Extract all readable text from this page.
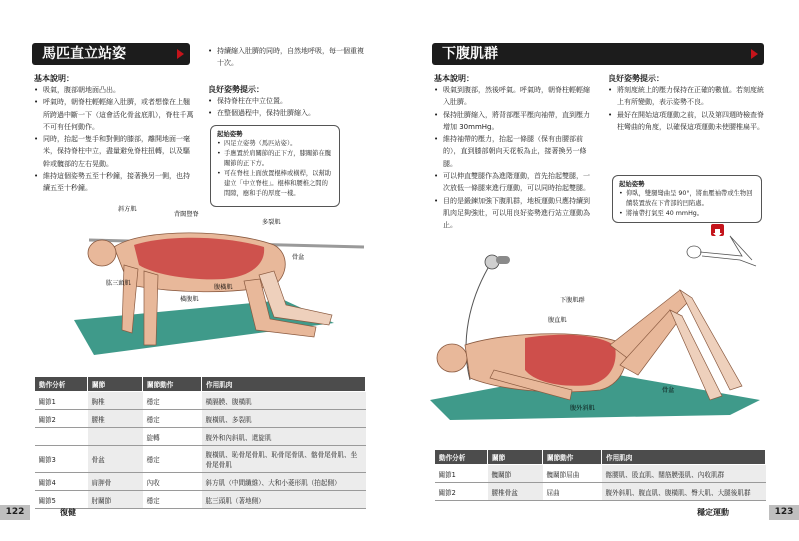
馬匹直立站姿
基本說明：
• 吸氣，腹部朝地面凸出。
• 呼氣時，朝脊柱輕輕縮入肚臍，或者想像在上翹所跨過中斷一下（這會活化骨盆底肌），脊柱千萬不可有任何動作。
• 同時，抬起一隻手和對側的膝部，離開地面一毫米，保持脊柱中立，盡量避免脊柱扭轉，以及驅幹或髖部的左右晃動。
• 維持這個姿勢五至十秒鐘，接著換另一側，也持續五至十秒鐘。
• 持續縮入肚臍的同時，自然地呼吸，每一個重複十次。
良好姿勢提示：
• 保持脊柱在中立位置。
• 在整個過程中，保持肚臍縮入。
起始姿勢
• 四足立姿勢（馬匹站姿）。
• 手應置於肩關節的正下方，膝關節在髖關節的正下方。
• 可在脊柱上面放置棍棒或橫桿，以幫助建立「中立脊柱」。棍棒和腰椎之間的間隙，應和手的厚度一樣。
斜方肌
背闊豎脊
多裂肌
骨盆
肱三頭肌
腹橫肌
橫腹肌
動作分析	關節	關節動作	作用肌肉
關節1	胸椎	穩定	橫膈膜、腹橫肌
關節2	腰椎	穩定	腹橫肌、多裂肌
		旋轉	腹外和內斜肌、還旋肌
關節3	骨盆	穩定	腹橫肌、恥骨尾骨肌、恥骨尾骨肌、髂骨尾骨肌、坐骨尾骨肌
關節4	肩胛骨	內收	斜方肌（中間纖維）、大和小菱形肌（拍起側）
關節5	肘關節	穩定	肱三頭肌（著地側）
122	復健
下腹肌群
基本說明：
• 吸氣到腹部，然後呼氣。呼氣時，朝脊柱輕輕縮入肚臍。
• 保持肚臍縮入，將背部壓平壓向袖帶，直到壓力增加 30mmHg。
• 維持袖帶的壓力，抬起一條腿（保有由腰部前的），直到膝部朝向天花板為止，接著換另一條腿。
• 可以伸直雙腿作為進階運動，首先抬起雙腿，一次放低一條腿來進行運動，可以同時抬起雙腿。
• 目的是鍛鍊加強下腹肌群，地板運動只應持續到肌肉足夠強壯，可以用良好姿勢進行站立運動為止。
良好姿勢提示：
• 將刻度統上的壓力保持在正確的數值。若刻度統上有所變動，表示姿勢不良。
• 最好在開始這項運動之前，以及第四週時檢查脊柱彎曲的角度，以確保這項運動未使腰椎扁平。
起始姿勢
• 仰臥，雙腿彎曲呈 90°，將血壓袖帶或生物回饋裝置放在下背部的凹陷處。
• 將袖帶打氣至 40 mmHg。
下腹肌群
腹直肌
骨盆
腹外斜肌
動作分析	關節	關節動作	作用肌肉
關節1	髖關節	髖關節屈曲	髂腰肌、股直肌、闊筋膜張肌、內收肌群
關節2	腰椎骨盆	屈曲	腹外斜肌、腹直肌、腹橫肌、臀大肌、大腿後肌群
穩定運動	123
